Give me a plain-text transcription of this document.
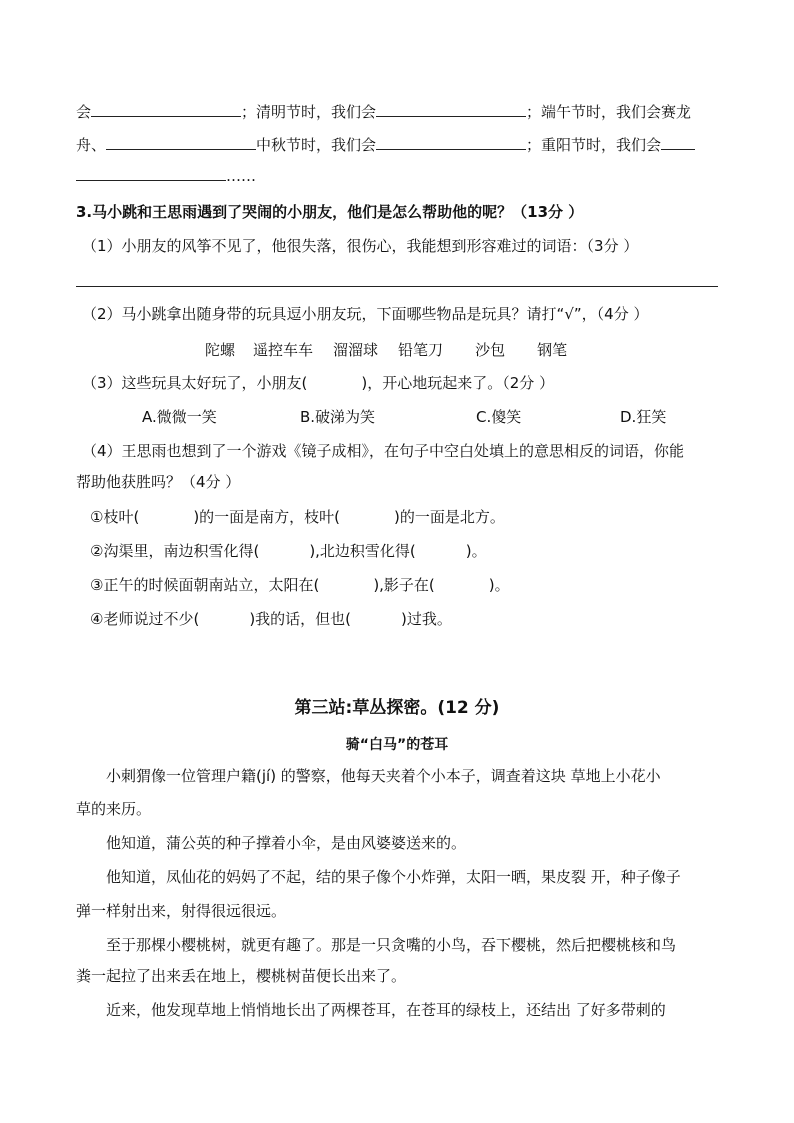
会	；清明节时，我们会	；端午节时，我们会赛龙
舟、	中秋节时，我们会	；重阳节时，我们会
……
3.马小跳和王思雨遇到了哭闹的小朋友，他们是怎么帮助他的呢？（13分 ）
（1）小朋友的风筝不见了，他很失落，很伤心，我能想到形容难过的词语：（3分 ）
（2）马小跳拿出随身带的玩具逗小朋友玩，下面哪些物品是玩具？请打“√”，（4分 ）
陀螺 遥控车车 溜溜球 铅笔刀 沙包 钢笔
（3）这些玩具太好玩了，小朋友(	)，开心地玩起来了。（2分 ）
A.微微一笑	B.破涕为笑	C.傻笑	D.狂笑
（4）王思雨也想到了一个游戏《镜子成相》，在句子中空白处填上的意思相反的词语，你能
帮助他获胜吗？（4分 ）
①枝叶(	)的一面是南方，枝叶(	)的一面是北方。
②沟渠里，南边积雪化得(	),北边积雪化得(	)。
③正午的时候面朝南站立，太阳在(	),影子在(	)。
④老师说过不少(	)我的话，但也(	)过我。
第三站:草丛探密。(12 分)
骑“白马”的苍耳
小刺猬像一位管理户籍(jí) 的警察，他每天夹着个小本子，调查着这块 草地上小花小
草的来历。
他知道，蒲公英的种子撑着小伞，是由风婆婆送来的。
他知道，凤仙花的妈妈了不起，结的果子像个小炸弹，太阳一晒，果皮裂 开，种子像子
弹一样射出来，射得很远很远。
至于那棵小樱桃树，就更有趣了。那是一只贪嘴的小鸟，吞下樱桃，然后把樱桃核和鸟
粪一起拉了出来丢在地上，樱桃树苗便长出来了。
近来，他发现草地上悄悄地长出了两棵苍耳，在苍耳的绿枝上，还结出 了好多带刺的
